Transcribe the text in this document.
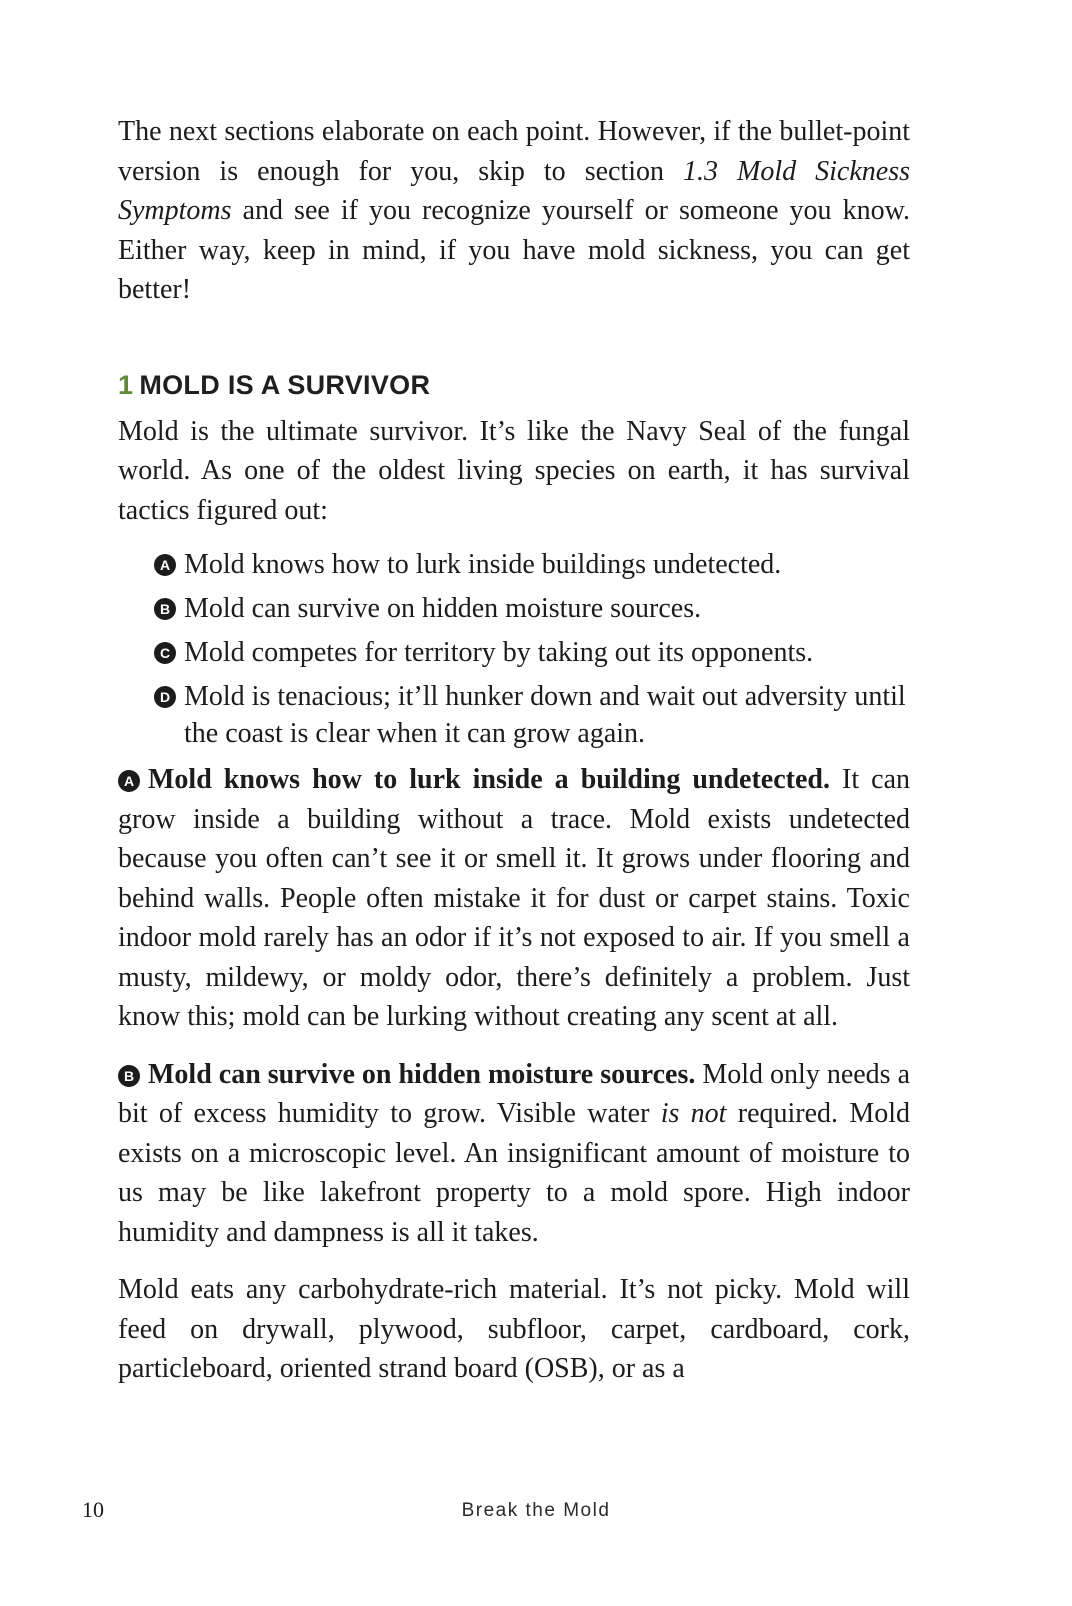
The next sections elaborate on each point. However, if the bullet-point version is enough for you, skip to section 1.3 Mold Sickness Symptoms and see if you recognize yourself or someone you know. Either way, keep in mind, if you have mold sickness, you can get better!

1 MOLD IS A SURVIVOR

Mold is the ultimate survivor. It’s like the Navy Seal of the fungal world. As one of the oldest living species on earth, it has survival tactics figured out:

A Mold knows how to lurk inside buildings undetected.
B Mold can survive on hidden moisture sources.
C Mold competes for territory by taking out its opponents.
D Mold is tenacious; it’ll hunker down and wait out adversity until the coast is clear when it can grow again.

A Mold knows how to lurk inside a building undetected. It can grow inside a building without a trace. Mold exists undetected because you often can’t see it or smell it. It grows under flooring and behind walls. People often mistake it for dust or carpet stains. Toxic indoor mold rarely has an odor if it’s not exposed to air. If you smell a musty, mildewy, or moldy odor, there’s definitely a problem. Just know this; mold can be lurking without creating any scent at all.

B Mold can survive on hidden moisture sources. Mold only needs a bit of excess humidity to grow. Visible water is not required. Mold exists on a microscopic level. An insignificant amount of moisture to us may be like lakefront property to a mold spore. High indoor humidity and dampness is all it takes.

Mold eats any carbohydrate-rich material. It’s not picky. Mold will feed on drywall, plywood, subfloor, carpet, cardboard, cork, particleboard, oriented strand board (OSB), or as a

10	Break the Mold
